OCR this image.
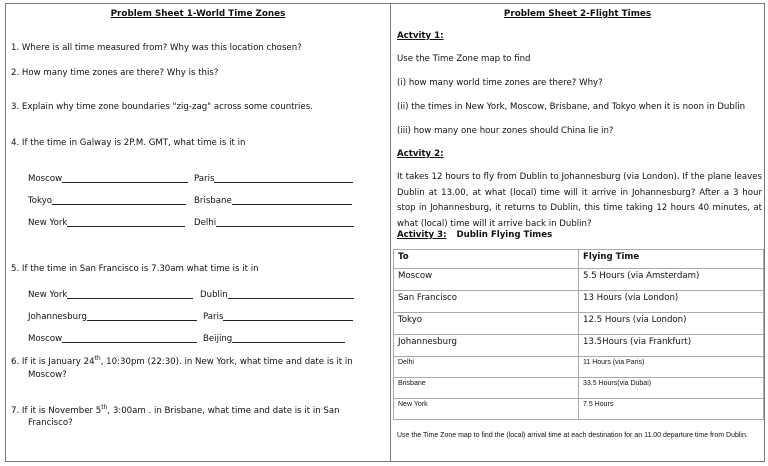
Problem Sheet 1-World Time Zones
1. Where is all time measured from? Why was this location chosen?
2. How many time zones are there? Why is this?
3. Explain why time zone boundaries "zig-zag" across some countries.
4. If the time in Galway is 2P.M. GMT, what time is it in
Moscow	Paris
Tokyo	Brisbane
New York	Delhi
5. If the time in San Francisco is 7.30am what time is it in
New York	Dublin
Johannesburg	Paris
Moscow	Beijing
6. If it is January 24th, 10:30pm (22:30). in New York, what time and date is it in
Moscow?
7. If it is November 5th, 3:00am . in Brisbane, what time and date is it in San
Francisco?
Problem Sheet 2-Flight Times
Actvity 1:
Use the Time Zone map to find
(i) how many world time zones are there? Why?
(ii) the times in New York, Moscow, Brisbane, and Tokyo when it is noon in Dublin
(iii) how many one hour zones should China lie in?
Actvity 2:
It takes 12 hours to fly from Dublin to Johannesburg (via London). If the plane leaves Dublin at 13.00, at what (local) time will it arrive in Johannesburg? After a 3 hour stop in Johannesburg, it returns to Dublin, this time taking 12 hours 40 minutes, at what (local) time will it arrive back in Dublin?
Activity 3: Dublin Flying Times
To	Flying Time
Moscow	5.5 Hours (via Amsterdam)
San Francisco	13 Hours (via London)
Tokyo	12.5 Hours (via London)
Johannesburg	13.5Hours (via Frankfurt)
Delhi	11 Hours (via Paris)
Brisbane	33.5 Hours(via Dubai)
New York	7.5 Hours
Use the Time Zone map to find the (local) arrival time at each destination for an 11.00 departure time from Dublin.
